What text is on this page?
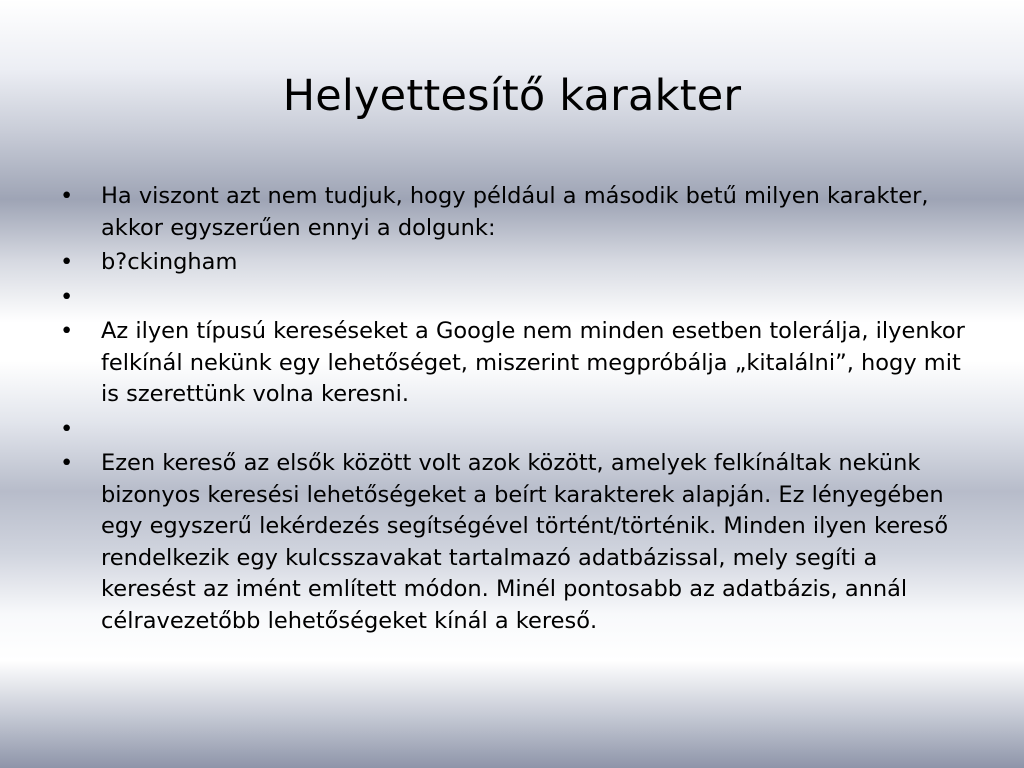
Helyettesítő karakter
• Ha viszont azt nem tudjuk, hogy például a második betű milyen karakter, akkor egyszerűen ennyi a dolgunk:
• b?ckingham
•
• Az ilyen típusú kereséseket a Google nem minden esetben tolerálja, ilyenkor felkínál nekünk egy lehetőséget, miszerint megpróbálja „kitalálni”, hogy mit is szerettünk volna keresni.
•
• Ezen kereső az elsők között volt azok között, amelyek felkínáltak nekünk bizonyos keresési lehetőségeket a beírt karakterek alapján. Ez lényegében egy egyszerű lekérdezés segítségével történt/történik. Minden ilyen kereső rendelkezik egy kulcsszavakat tartalmazó adatbázissal, mely segíti a keresést az imént említett módon. Minél pontosabb az adatbázis, annál célravezetőbb lehetőségeket kínál a kereső.
